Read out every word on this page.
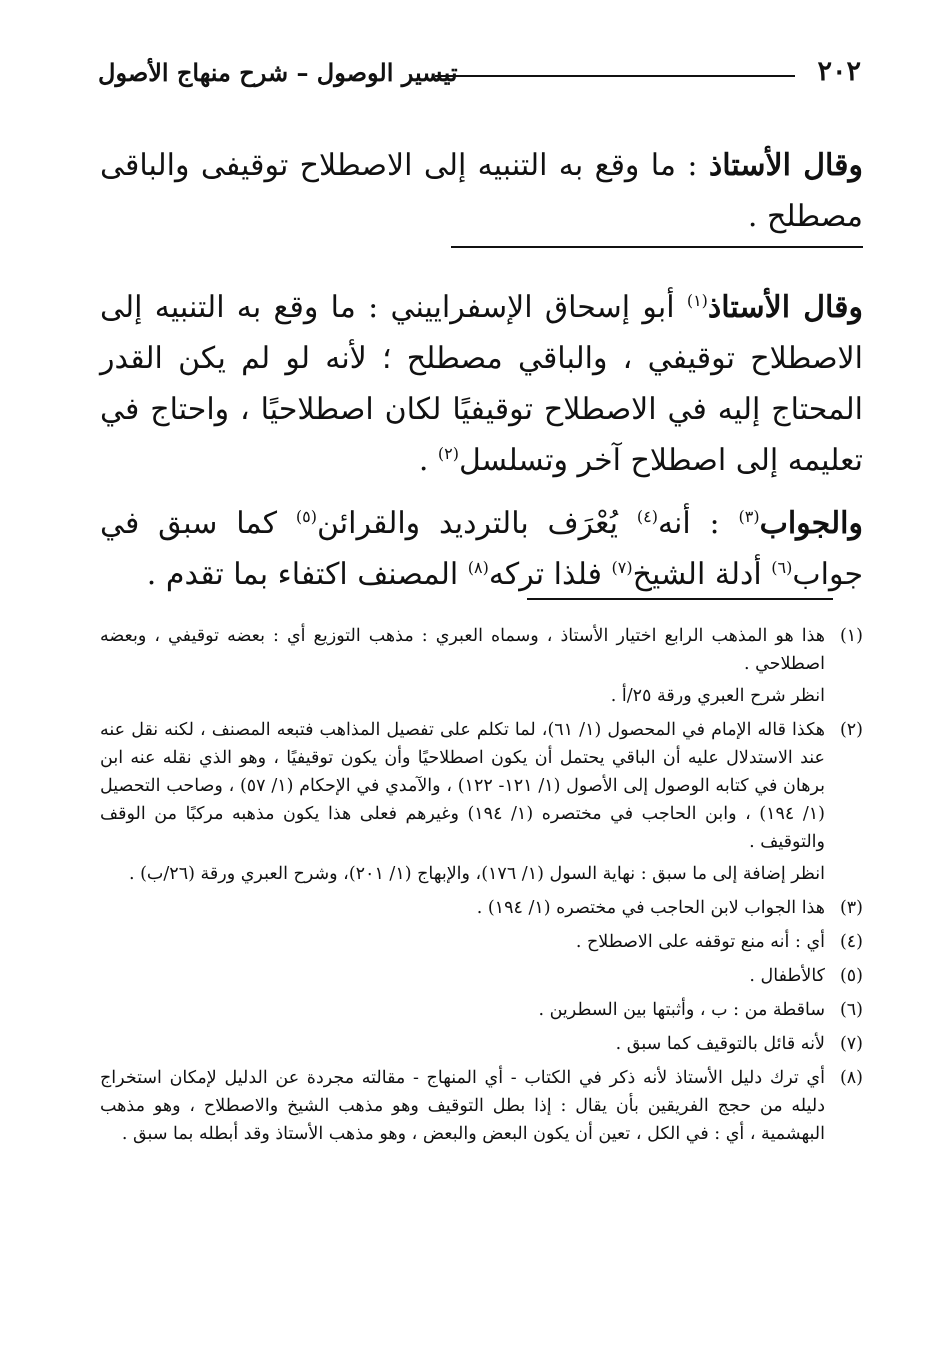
٢٠٢
تيسير الوصول – شرح منهاج الأصول

وقال الأستاذ : ما وقع به التنبيه إلى الاصطلاح توقيفى والباقى مصطلح .

وقال الأستاذ$^{(١)}$ أبو إسحاق الإسفراييني : ما وقع به التنبيه إلى الاصطلاح توقيفي ، والباقي مصطلح ؛ لأنه لو لم يكن القدر المحتاج إليه في الاصطلاح توقيفيًا لكان اصطلاحيًا ، واحتاج في تعليمه إلى اصطلاح آخر وتسلسل$^{(٢)}$ .

والجواب$^{(٣)}$ : أنه$^{(٤)}$ يُعْرَف بالترديد والقرائن$^{(٥)}$ كما سبق في جواب$^{(٦)}$ أدلة الشيخ$^{(٧)}$ فلذا تركه$^{(٨)}$ المصنف اكتفاء بما تقدم .

(١)

هذا هو المذهب الرابع اختيار الأستاذ ، وسماه العبري : مذهب التوزيع أي : بعضه توقيفي ، وبعضه اصطلاحي .

انظر شرح العبري ورقة ٢٥/أ .

(٢)

هكذا قاله الإمام في المحصول (١/ ٦١)، لما تكلم على تفصيل المذاهب فتبعه المصنف ، لكنه نقل عنه عند الاستدلال عليه أن الباقي يحتمل أن يكون اصطلاحيًا وأن يكون توقيفيًا ، وهو الذي نقله عنه ابن برهان في كتابه الوصول إلى الأصول (١/ ١٢١- ١٢٢) ، والآمدي في الإحكام (١/ ٥٧) ، وصاحب التحصيل (١/ ١٩٤) ، وابن الحاجب في مختصره (١/ ١٩٤) وغيرهم فعلى هذا يكون مذهبه مركبًا من الوقف والتوقيف .

انظر إضافة إلى ما سبق : نهاية السول (١/ ١٧٦)، والإبهاج (١/ ٢٠١)، وشرح العبري ورقة (٢٦/ب) .

(٣)

هذا الجواب لابن الحاجب في مختصره (١/ ١٩٤) .

(٤)

أي : أنه منع توقفه على الاصطلاح .

(٥)

كالأطفال .

(٦)

ساقطة من : ب ، وأثبتها بين السطرين .

(٧)

لأنه قائل بالتوقيف كما سبق .

(٨)

أي ترك دليل الأستاذ لأنه ذكر في الكتاب - أي المنهاج - مقالته مجردة عن الدليل لإمكان استخراج دليله من حجج الفريقين بأن يقال : إذا بطل التوقيف وهو مذهب الشيخ والاصطلاح ، وهو مذهب البهشمية ، أي : في الكل ، تعين أن يكون البعض والبعض ، وهو مذهب الأستاذ وقد أبطله بما سبق .
